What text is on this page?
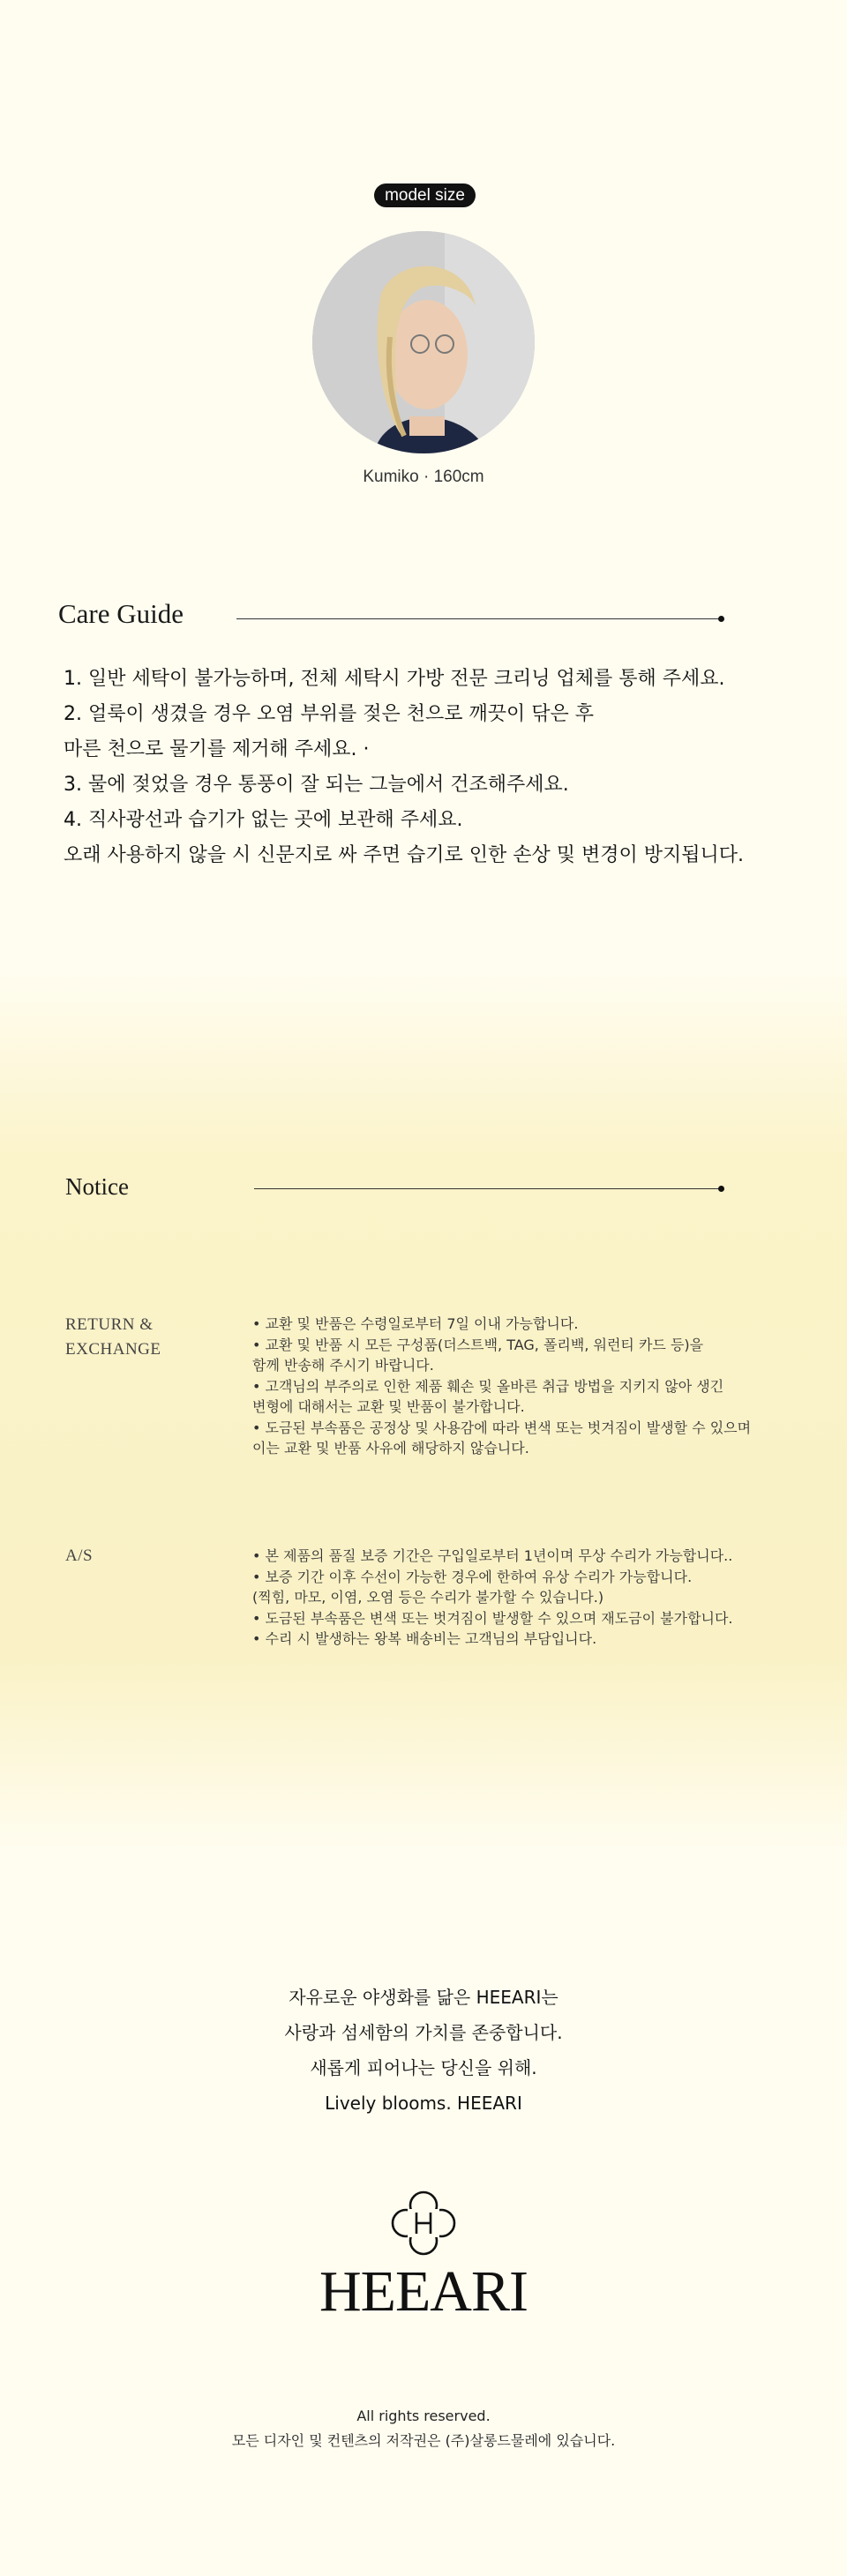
model size
Kumiko · 160cm
Care Guide
1. 일반 세탁이 불가능하며, 전체 세탁시 가방 전문 크리닝 업체를 통해 주세요.
2. 얼룩이 생겼을 경우 오염 부위를 젖은 천으로 깨끗이 닦은 후
마른 천으로 물기를 제거해 주세요. ·
3. 물에 젖었을 경우 통풍이 잘 되는 그늘에서 건조해주세요.
4. 직사광선과 습기가 없는 곳에 보관해 주세요.
오래 사용하지 않을 시 신문지로 싸 주면 습기로 인한 손상 및 변경이 방지됩니다.
Notice
RETURN &
EXCHANGE
• 교환 및 반품은 수령일로부터 7일 이내 가능합니다.
• 교환 및 반품 시 모든 구성품(더스트백, TAG, 폴리백, 워런티 카드 등)을
함께 반송해 주시기 바랍니다.
• 고객님의 부주의로 인한 제품 훼손 및 올바른 취급 방법을 지키지 않아 생긴
변형에 대해서는 교환 및 반품이 불가합니다.
• 도금된 부속품은 공정상 및 사용감에 따라 변색 또는 벗겨짐이 발생할 수 있으며
이는 교환 및 반품 사유에 해당하지 않습니다.
A/S	• 본 제품의 품질 보증 기간은 구입일로부터 1년이며 무상 수리가 가능합니다..
• 보증 기간 이후 수선이 가능한 경우에 한하여 유상 수리가 가능합니다.
(찍힘, 마모, 이염, 오염 등은 수리가 불가할 수 있습니다.)
• 도금된 부속품은 변색 또는 벗겨짐이 발생할 수 있으며 재도금이 불가합니다.
• 수리 시 발생하는 왕복 배송비는 고객님의 부담입니다.
자유로운 야생화를 닮은 HEEARI는
사랑과 섬세함의 가치를 존중합니다.
새롭게 피어나는 당신을 위해.
Lively blooms. HEEARI
HEEARI
All rights reserved.
모든 디자인 및 컨텐츠의 저작권은 (주)살롱드물레에 있습니다.
